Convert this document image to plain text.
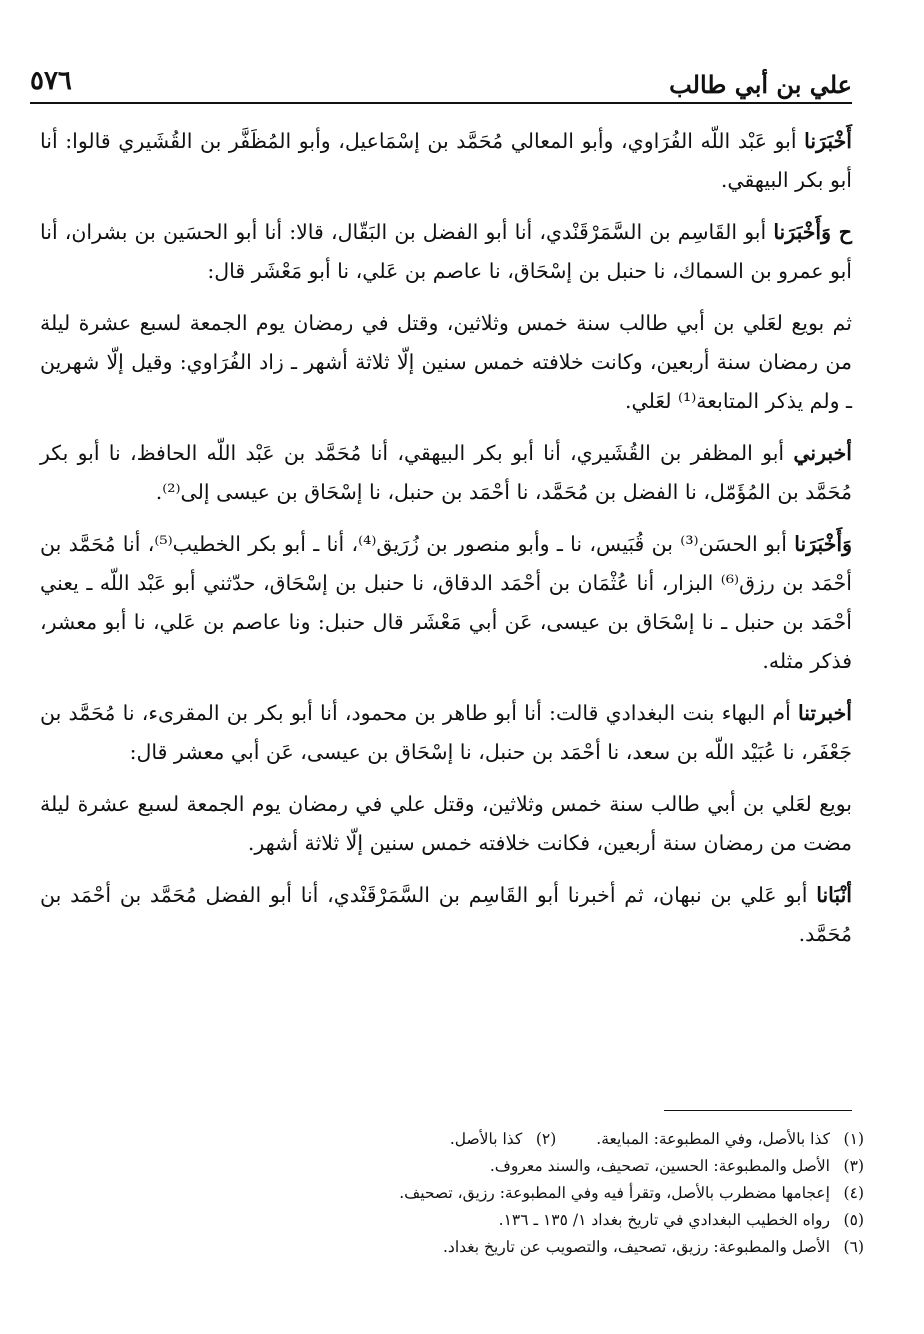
علي بن أبي طالب
٥٧٦

أَخْبَرَنا أبو عَبْد اللّه الفُرَاوي، وأبو المعالي مُحَمَّد بن إسْمَاعيل، وأبو المُظَفَّر بن القُشَيري قالوا: أنا أبو بكر البيهقي.

ح وَأَخْبَرَنا أبو القَاسِم بن السَّمَرْقَنْدي، أنا أبو الفضل بن البَقّال، قالا: أنا أبو الحسَين بن بشران، أنا أبو عمرو بن السماك، نا حنبل بن إسْحَاق، نا عاصم بن عَلي، نا أبو مَعْشَر قال:

ثم بويع لعَلي بن أبي طالب سنة خمس وثلاثين، وقتل في رمضان يوم الجمعة لسبع عشرة ليلة من رمضان سنة أربعين، وكانت خلافته خمس سنين إلّا ثلاثة أشهر ـ زاد الفُرَاوي: وقيل إلّا شهرين ـ ولم يذكر المتابعة⁽¹⁾ لعَلي.

أخبرني أبو المظفر بن القُشَيري، أنا أبو بكر البيهقي، أنا مُحَمَّد بن عَبْد اللّه الحافظ، نا أبو بكر مُحَمَّد بن المُؤَمّل، نا الفضل بن مُحَمَّد، نا أحْمَد بن حنبل، نا إسْحَاق بن عيسى إلى⁽²⁾.

وَأَخْبَرَنا أبو الحسَن⁽³⁾ بن قُبَيس، نا ـ وأبو منصور بن زُرَيق⁽⁴⁾، أنا ـ أبو بكر الخطيب⁽⁵⁾، أنا مُحَمَّد بن أحْمَد بن رزق⁽⁶⁾ البزار، أنا عُثْمَان بن أحْمَد الدقاق، نا حنبل بن إسْحَاق، حدّثني أبو عَبْد اللّه ـ يعني أحْمَد بن حنبل ـ نا إسْحَاق بن عيسى، عَن أبي مَعْشَر قال حنبل: ونا عاصم بن عَلي، نا أبو معشر، فذكر مثله.

أخبرتنا أم البهاء بنت البغدادي قالت: أنا أبو طاهر بن محمود، أنا أبو بكر بن المقرىء، نا مُحَمَّد بن جَعْفَر، نا عُبَيْد اللّه بن سعد، نا أحْمَد بن حنبل، نا إسْحَاق بن عيسى، عَن أبي معشر قال:

بويع لعَلي بن أبي طالب سنة خمس وثلاثين، وقتل علي في رمضان يوم الجمعة لسبع عشرة ليلة مضت من رمضان سنة أربعين، فكانت خلافته خمس سنين إلّا ثلاثة أشهر.

أنْبَانا أبو عَلي بن نبهان، ثم أخبرنا أبو القَاسِم بن السَّمَرْقَنْدي، أنا أبو الفضل مُحَمَّد بن أحْمَد بن مُحَمَّد.

(١)كذا بالأصل، وفي المطبوعة: المبايعة.(٢)كذا بالأصل.
(٣)الأصل والمطبوعة: الحسين، تصحيف، والسند معروف.
(٤)إعجامها مضطرب بالأصل، وتقرأ فيه وفي المطبوعة: رزيق، تصحيف.
(٥)رواه الخطيب البغدادي في تاريخ بغداد ١/ ١٣٥ ـ ١٣٦.
(٦)الأصل والمطبوعة: رزيق، تصحيف، والتصويب عن تاريخ بغداد.
